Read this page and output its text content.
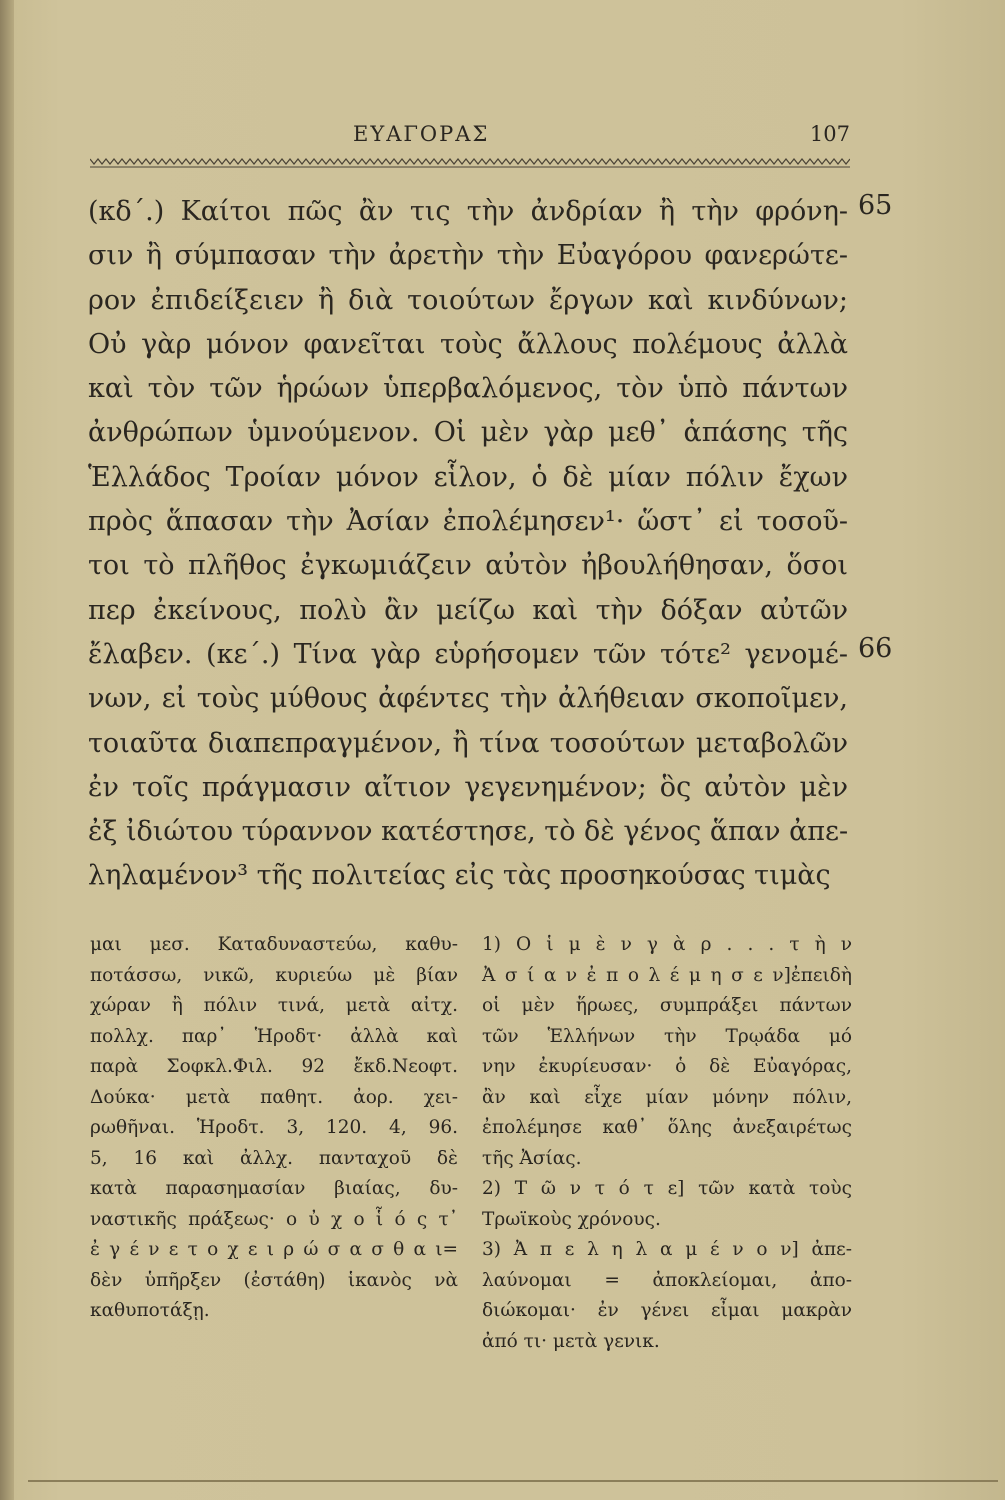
ΕΥΑΓΟΡΑΣ	107
(κδ΄.) Καίτοι πῶς ἂν τις τὴν ἀνδρίαν ἢ τὴν φρόνη-
σιν ἢ σύμπασαν τὴν ἀρετὴν τὴν Εὐαγόρου φανερώτε-
ρον ἐπιδείξειεν ἢ διὰ τοιούτων ἔργων καὶ κινδύνων;
Οὐ γὰρ μόνον φανεῖται τοὺς ἄλλους πολέμους ἀλλὰ
καὶ τὸν τῶν ἡρώων ὑπερβαλόμενος, τὸν ὑπὸ πάντων
ἀνθρώπων ὑμνούμενον. Οἱ μὲν γὰρ μεθ᾽ ἁπάσης τῆς
Ἑλλάδος Τροίαν μόνον εἷλον, ὁ δὲ μίαν πόλιν ἔχων
πρὸς ἅπασαν τὴν Ἀσίαν ἐπολέμησεν¹· ὥστ᾽ εἰ τοσοῦ-
τοι τὸ πλῆθος ἐγκωμιάζειν αὐτὸν ἠβουλήθησαν, ὅσοι
περ ἐκείνους, πολὺ ἂν μείζω καὶ τὴν δόξαν αὐτῶν
ἔλαβεν. (κε΄.) Τίνα γὰρ εὑρήσομεν τῶν τότε² γενομέ-
νων, εἰ τοὺς μύθους ἀφέντες τὴν ἀλήθειαν σκοποῖμεν,
τοιαῦτα διαπεπραγμένον, ἢ τίνα τοσούτων μεταβολῶν
ἐν τοῖς πράγμασιν αἴτιον γεγενημένον; ὃς αὐτὸν μὲν
ἐξ ἰδιώτου τύραννον κατέστησε, τὸ δὲ γένος ἅπαν ἀπε-
ληλαμένον³ τῆς πολιτείας εἰς τὰς προσηκούσας τιμὰς
65
66
μαι μεσ. Καταδυναστεύω, καθυ-
ποτάσσω, νικῶ, κυριεύω μὲ βίαν
χώραν ἢ πόλιν τινά, μετὰ αἰτχ.
πολλχ. παρ᾽ Ἡροδτ· ἀλλὰ καὶ
παρὰ Σοφκλ.Φιλ. 92 ἔκδ.Νεοφτ.
Δούκα· μετὰ παθητ. ἀορ. χει-
ρωθῆναι. Ἡροδτ. 3, 120. 4, 96.
5, 16 καὶ ἀλλχ. πανταχοῦ δὲ
κατὰ παρασημασίαν βιαίας, δυ-
ναστικῆς πράξεως· ο ὐ χ ο ἷ ό ς τ᾽
ἐ γ έ ν ε τ ο χ ε ι ρ ώ σ α σ θ α ι=
δὲν ὑπῆρξεν (ἐστάθη) ἱκανὸς νὰ
καθυποτάξῃ.
1) Ο ἱ μ ὲ ν γ ὰ ρ . . . τ ὴ ν
Ἀ σ ί α ν ἐ π ο λ έ μ η σ ε ν]ἐπειδὴ
οἱ μὲν ἥρωες, συμπράξει πάντων
τῶν Ἑλλήνων τὴν Τρῳάδα μό
νην ἐκυρίευσαν· ὁ δὲ Εὐαγόρας,
ἂν καὶ εἶχε μίαν μόνην πόλιν,
ἐπολέμησε καθ᾽ ὅλης ἀνεξαιρέτως
τῆς Ἀσίας.
2) Τ ῶ ν τ ό τ ε] τῶν κατὰ τοὺς
Τρωϊκοὺς χρόνους.
3) Ἀ π ε λ η λ α μ έ ν ο ν] ἀπε-
λαύνομαι = ἀποκλείομαι, ἀπο-
διώκομαι· ἐν γένει εἶμαι μακρὰν
ἀπό τι· μετὰ γενικ.
